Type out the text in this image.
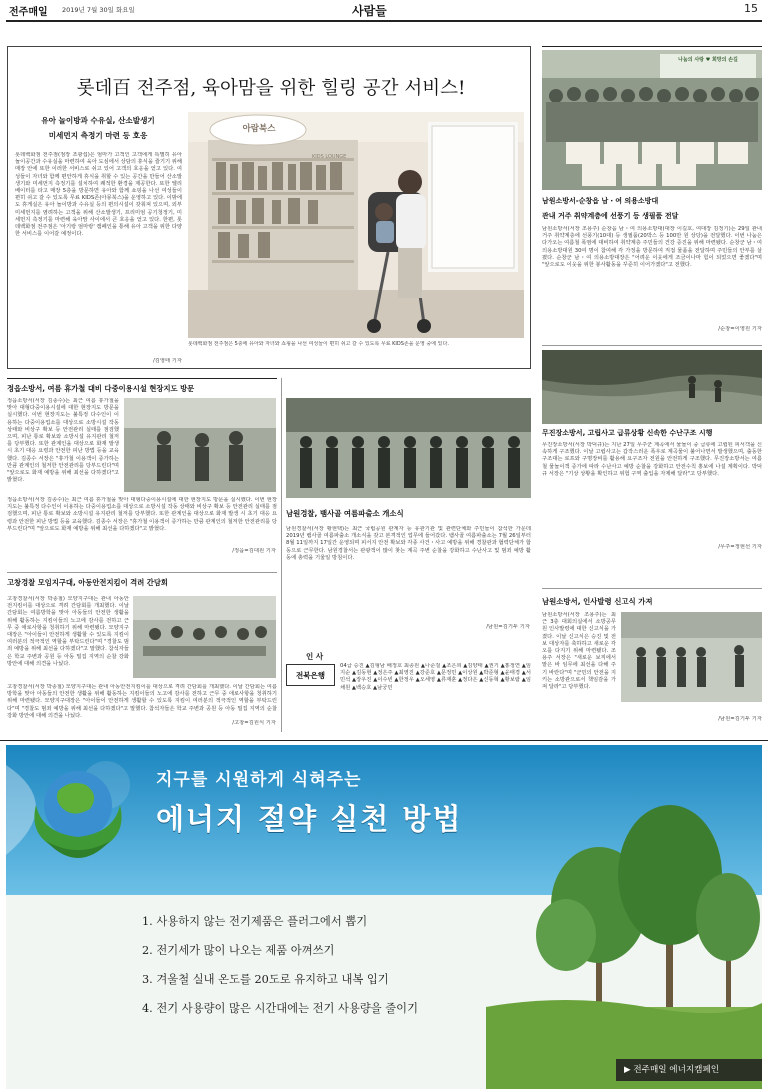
전주매일 2019년 7월 30일 화요일	사람들	15
롯데百 전주점, 육아맘을 위한 힐링 공간 서비스!
유아 놀이방과 수유실, 산소발생기
미세먼지 측정기 마련 등 호응
롯데백화점 전주점(점장 조광섭)은 엄마가 고객인 고객에게 특별히 유아놀이공간과 수유실을 마련하여 육아 도심에서 상담의 휴식을 즐기기 위해 매장 안에 또한 이러한 서비스로 쉬고 있어 고객의 호응을 얻고 있다. 여성들이 자녀와 함께 편안하게 휴식을 취할 수 있는 공간을 만들어 산소발생기와 미세먼지 측정기를 설치하여 쾌적한 환경을 제공한다. 또한 엘리베이터를 타고 매장 5층을 방문하면 유아와 함께 쇼핑을 나선 여성들이 편히 쉬고 갈 수 있도록 무료 KIDS존(아몽북스)을 운영하고 있다. 이밖에도 휴게실은 유아 놀이방과 수유실 등의 편의시설이 갖춰져 있으며, 외부 미세먼지를 염려하는 고객을 위해 산소발생기, 프리미엄 공기청정기, 미세먼지 측정기를 마련해 육아맘 사이에서 큰 호응을 얻고 있다. 한편, 롯데백화점 전주점은 '아기랑 엄마랑' 캠페인을 통해 유아 고객을 위한 다양한 서비스를 이어갈 예정이다.
/김영태 기자
아람북스
KIDS LOUNGE
롯데백화점 전주점은 5층에 유아와 자녀와 쇼핑을 나선 여성들이 편히 쉬고 갈 수 있도록 무료 KIDS존을 운영 중에 있다.
나눔의 사랑 ♥ 희망의 손길
남원소방서-순창읍 남・여 의용소방대
관내 거주 취약계층에 선풍기 등 생필품 전달
남원소방서(서장 조용주) 순창읍 남・여 의용소방대(대장 이길호, 여대장 김정기)는 29일 관내 거주 취약계층에 선풍기(10대) 등 생필품(20박스 등 100만 원 상당)을 전달했다. 이번 나눔은 다가오는 여름철 폭염에 대비하여 취약계층 주민들의 건강 증진을 위해 마련됐다. 순창군 남・여 의용소방대원 30여 명이 참여해 각 가정을 방문하여 직접 물품을 전달하며 주민들의 안부를 살폈다. 순창군 남・여 의용소방대장은 "어려운 이웃에게 조금이나마 힘이 되었으면 좋겠다"며 "앞으로도 이웃을 위한 봉사활동을 꾸준히 이어가겠다"고 전했다.
/순창=이영원 기자
무진장소방서, 고립사고 급류상황 신속한 수난구조 시행
무진장소방서(서장 박덕규)는 지난 27일 무주군 계곡에서 물놀이 중 급류에 고립된 피서객을 신속하게 구조했다. 이날 고립사고는 갑작스러운 폭우로 계곡물이 불어나면서 발생했으며, 출동한 구조대는 로프와 구명장비를 활용해 요구조자 전원을 안전하게 구조했다. 무진장소방서는 여름철 물놀이객 증가에 따라 수난사고 예방 순찰을 강화하고 안전수칙 홍보에 나설 계획이다. 박덕규 서장은 "기상 상황을 확인하고 위험 구역 출입을 자제해 달라"고 당부했다.
/무주=정현선 기자
남원소방서, 인사발령 신고식 가져
남원소방서(서장 조용주)는 최근 3층 대회의실에서 소방공무원 인사발령에 대한 신고식을 가졌다. 이날 신고식은 승진 및 전보 대상자를 축하하고 새로운 각오를 다지기 위해 마련됐다. 조용주 서장은 "새로운 보직에서 맡은 바 임무에 최선을 다해 주기 바란다"며 "군민의 안전을 지키는 소방관으로서 책임감을 가져 달라"고 당부했다.
/남원=김기두 기자
정읍소방서, 여름 휴가철 대비 다중이용시설 현장지도 방문
정읍소방서(서장 김종수)는 최근 여름 휴가철을 맞아 대형다중이용시설에 대한 현장지도 방문을 실시했다. 이번 현장지도는 불특정 다수인이 이용하는 다중이용업소를 대상으로 소방시설 작동 상태와 비상구 확보 등 안전관리 실태를 점검했으며, 피난 통로 확보와 소방시설 유지관리 철저를 당부했다. 또한 관계인을 대상으로 화재 발생 시 초기 대응 요령과 안전한 피난 방법 등을 교육했다. 김종수 서장은 "휴가철 이용객이 증가하는 만큼 관계인의 철저한 안전관리를 당부드린다"며 "앞으로도 화재 예방을 위해 최선을 다하겠다"고 밝혔다.
정읍소방서(서장 김종수)는 최근 여름 휴가철을 맞아 대형다중이용시설에 대한 현장지도 방문을 실시했다. 이번 현장지도는 불특정 다수인이 이용하는 다중이용업소를 대상으로 소방시설 작동 상태와 비상구 확보 등 안전관리 실태를 점검했으며, 피난 통로 확보와 소방시설 유지관리 철저를 당부했다. 또한 관계인을 대상으로 화재 발생 시 초기 대응 요령과 안전한 피난 방법 등을 교육했다. 김종수 서장은 "휴가철 이용객이 증가하는 만큼 관계인의 철저한 안전관리를 당부드린다"며 "앞으로도 화재 예방을 위해 최선을 다하겠다"고 밝혔다.
/정읍=김대원 기자
고창경찰 모임지구대, 아동안전지킴이 격려 간담회
고창경찰서(서장 박종철) 모양지구대는 관내 아동안전지킴이를 대상으로 격려 간담회를 개최했다. 이날 간담회는 여름방학을 맞아 아동들의 안전한 생활을 위해 활동하는 지킴이들의 노고에 감사를 전하고 근무 중 애로사항을 청취하기 위해 마련됐다. 모양지구대장은 "아이들이 안전하게 생활할 수 있도록 지킴이 여러분의 적극적인 역할을 부탁드린다"며 "경찰도 범죄 예방을 위해 최선을 다하겠다"고 말했다. 참석자들은 학교 주변과 공원 등 아동 밀집 지역의 순찰 강화 방안에 대해 의견을 나눴다.
고창경찰서(서장 박종철) 모양지구대는 관내 아동안전지킴이를 대상으로 격려 간담회를 개최했다. 이날 간담회는 여름방학을 맞아 아동들의 안전한 생활을 위해 활동하는 지킴이들의 노고에 감사를 전하고 근무 중 애로사항을 청취하기 위해 마련됐다. 모양지구대장은 "아이들이 안전하게 생활할 수 있도록 지킴이 여러분의 적극적인 역할을 부탁드린다"며 "경찰도 범죄 예방을 위해 최선을 다하겠다"고 말했다. 참석자들은 학교 주변과 공원 등 아동 밀집 지역의 순찰 강화 방안에 대해 의견을 나눴다.
/고창=김원식 기자
남원경찰, 뱀사골 여름파출소 개소식
남원경찰서(서장 황현택)는 최근 국립공원 관계자 등 유관기관 및 관련단체와 주민들이 참석한 가운데 2019년 뱀사골 여름파출소 개소식을 갖고 본격적인 업무에 들어갔다. 뱀사골 여름파출소는 7월 26일부터 8월 11일까지 17일간 운영되며 피서지 안전 확보와 각종 사건・사고 예방을 위해 경찰관과 협력단체가 합동으로 근무한다. 남원경찰서는 관광객이 많이 찾는 계곡 주변 순찰을 강화하고 수난사고 및 범죄 예방 활동에 총력을 기울일 방침이다.
/남원=김기두 기자
인 사
전북은행
04급 승진 ▲김형남 배정호 최종원 ▲나준걸 ▲조은희 ▲김양태 ▲권기 ▲홍정연 ▲임지순 ▲김동현 ▲정은주 ▲최영진 ▲강준호 ▲문정민 ▲이상원 ▲박준형 ▲윤태경 ▲서민석 ▲장우진 ▲이수빈 ▲한정우 ▲오세영 ▲류재훈 ▲정다은 ▲신동혁 ▲황보람 ▲임채원 ▲백승호 ▲남궁민
지구를 시원하게 식혀주는
에너지 절약 실천 방법
1. 사용하지 않는 전기제품은 플러그에서 뽑기
2. 전기세가 많이 나오는 제품 아껴쓰기
3. 겨울철 실내 온도를 20도로 유지하고 내복 입기
4. 전기 사용량이 많은 시간대에는 전기 사용량을 줄이기
▶ 전주매일 에너지캠페인
